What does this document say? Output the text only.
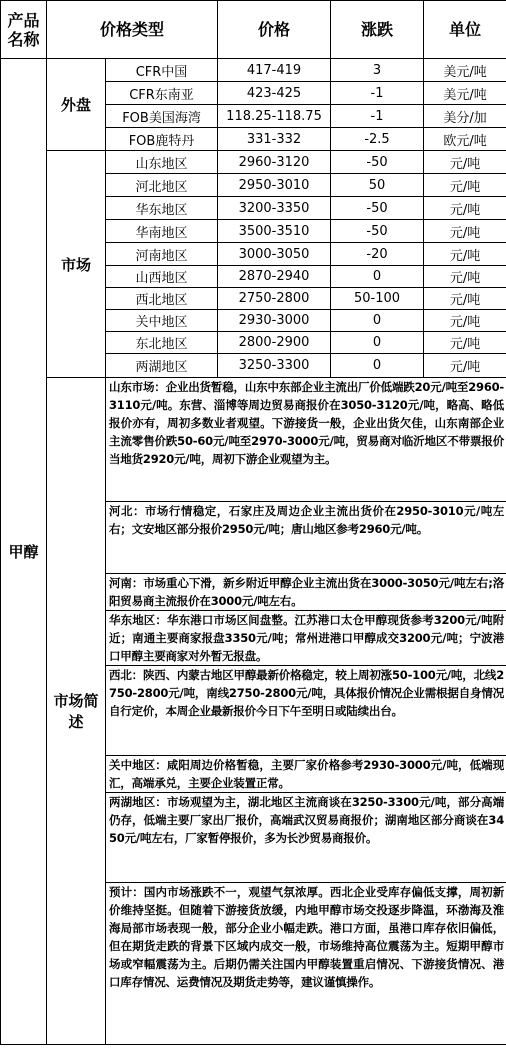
产品名称	价格类型		价格	涨跌	单位
甲醇	外盘	CFR中国	417-419	3	美元/吨
		CFR东南亚	423-425	-1	美元/吨
		FOB美国海湾	118.25-118.75	-1	美分/加
		FOB鹿特丹	331-332	-2.5	欧元/吨
	市场	山东地区	2960-3120	-50	元/吨
		河北地区	2950-3010	50	元/吨
		华东地区	3200-3350	-50	元/吨
		华南地区	3500-3510	-50	元/吨
		河南地区	3000-3050	-20	元/吨
		山西地区	2870-2940	0	元/吨
		西北地区	2750-2800	50-100	元/吨
		关中地区	2930-3000	0	元/吨
		东北地区	2800-2900	0	元/吨
		两湖地区	3250-3300	0	元/吨
	市场简述	山东市场：企业出货暂稳，山东中东部企业主流出厂价低端跌20元/吨至2960-3110元/吨。东营、淄博等周边贸易商报价在3050-3120元/吨，略高、略低报价亦有，周初多数业者观望。下游接货一般，企业出货欠佳，山东南部企业主流零售价跌50-60元/吨至2970-3000元/吨，贸易商对临沂地区不带票报价当地货2920元/吨，周初下游企业观望为主。			
		河北：市场行情稳定，石家庄及周边企业主流出货价在2950-3010元/吨左右；文安地区部分报价2950元/吨；唐山地区参考2960元/吨。			
		河南：市场重心下滑，新乡附近甲醇企业主流出货在3000-3050元/吨左右;洛阳贸易商主流报价在3000元/吨左右。			
		华东地区：华东港口市场区间盘整。江苏港口太仓甲醇现货参考3200元/吨附近；南通主要商家报盘3350元/吨；常州进港口甲醇成交3200元/吨；宁波港口甲醇主要商家对外暂无报盘。			
		西北：陕西、内蒙古地区甲醇最新价格稳定，较上周初涨50-100元/吨，北线2750-2800元/吨，南线2750-2800元/吨，具体报价情况企业需根据自身情况自行定价，本周企业最新报价今日下午至明日或陆续出台。			
		关中地区：咸阳周边价格暂稳，主要厂家价格参考2930-3000元/吨，低端现汇，高端承兑，主要企业装置正常。			
		两湖地区：市场观望为主，湖北地区主流商谈在3250-3300元/吨，部分高端仍存，低端主要厂家出厂报价，高端武汉贸易商报价；湖南地区部分商谈在3450元/吨左右，厂家暂停报价，多为长沙贸易商报价。			
		预计：国内市场涨跌不一，观望气氛浓厚。西北企业受库存偏低支撑，周初新价维持坚挺。但随着下游接货放缓，内地甲醇市场交投逐步降温，环渤海及淮海局部市场表现一般，部分企业小幅走跌。港口方面，虽港口库存依旧偏低，但在期货走跌的背景下区域内成交一般，市场维持高位震荡为主。短期甲醇市场或窄幅震荡为主。后期仍需关注国内甲醇装置重启情况、下游接货情况、港口库存情况、运费情况及期货走势等，建议谨慎操作。			
